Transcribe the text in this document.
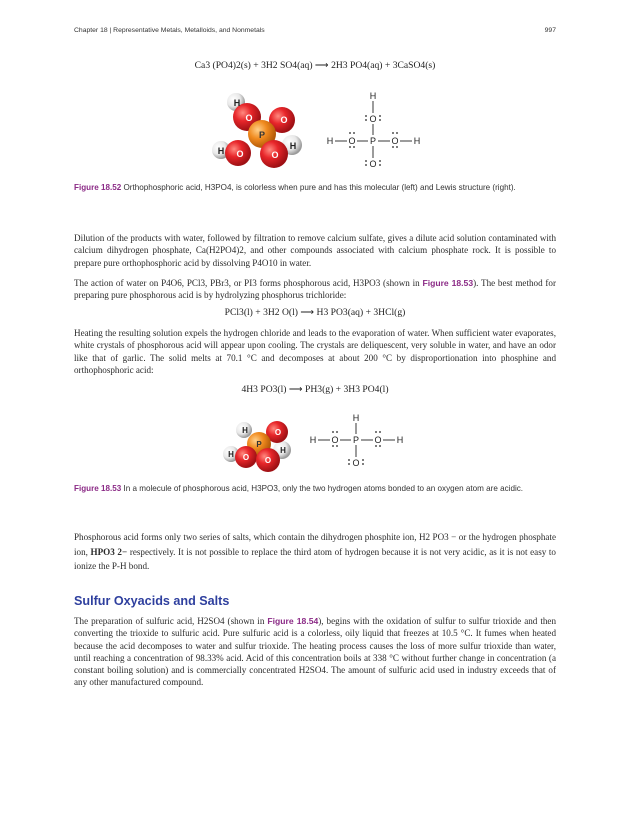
Chapter 18 | Representative Metals, Metalloids, and Nonmetals	997
Ca3 (PO4)2(s) + 3H2 SO4(aq) ⟶ 2H3 PO4(aq) + 3CaSO4(s)
H
H	H
O	O
P
O	O
H
O
H O P O H
O
Figure 18.52 Orthophosphoric acid, H3PO4, is colorless when pure and has this molecular (left) and Lewis structure (right).
Dilution of the products with water, followed by filtration to remove calcium sulfate, gives a dilute acid solution contaminated with calcium dihydrogen phosphate, Ca(H2PO4)2, and other compounds associated with calcium phosphate rock. It is possible to prepare pure orthophosphoric acid by dissolving P4O10 in water.
The action of water on P4O6, PCl3, PBr3, or PI3 forms phosphorous acid, H3PO3 (shown in Figure 18.53). The best method for preparing pure phosphorous acid is by hydrolyzing phosphorus trichloride:
PCl3(l) + 3H2 O(l) ⟶ H3 PO3(aq) + 3HCl(g)
Heating the resulting solution expels the hydrogen chloride and leads to the evaporation of water. When sufficient water evaporates, white crystals of phosphorous acid will appear upon cooling. The crystals are deliquescent, very soluble in water, and have an odor like that of garlic. The solid melts at 70.1 °C and decomposes at about 200 °C by disproportionation into phosphine and orthophosphoric acid:
4H3 PO3(l) ⟶ PH3(g) + 3H3 PO4(l)
H
H	H
O
P
O O
H
H O P O H
O
Figure 18.53 In a molecule of phosphorous acid, H3PO3, only the two hydrogen atoms bonded to an oxygen atom are acidic.
Phosphorous acid forms only two series of salts, which contain the dihydrogen phosphite ion, H2 PO3 − or the hydrogen phosphate ion, HPO3 2− respectively. It is not possible to replace the third atom of hydrogen because it is not very acidic, as it is not easy to ionize the P-H bond.
Sulfur Oxyacids and Salts
The preparation of sulfuric acid, H2SO4 (shown in Figure 18.54), begins with the oxidation of sulfur to sulfur trioxide and then converting the trioxide to sulfuric acid. Pure sulfuric acid is a colorless, oily liquid that freezes at 10.5 °C. It fumes when heated because the acid decomposes to water and sulfur trioxide. The heating process causes the loss of more sulfur trioxide than water, until reaching a concentration of 98.33% acid. Acid of this concentration boils at 338 °C without further change in concentration (a constant boiling solution) and is commercially concentrated H2SO4. The amount of sulfuric acid used in industry exceeds that of any other manufactured compound.
